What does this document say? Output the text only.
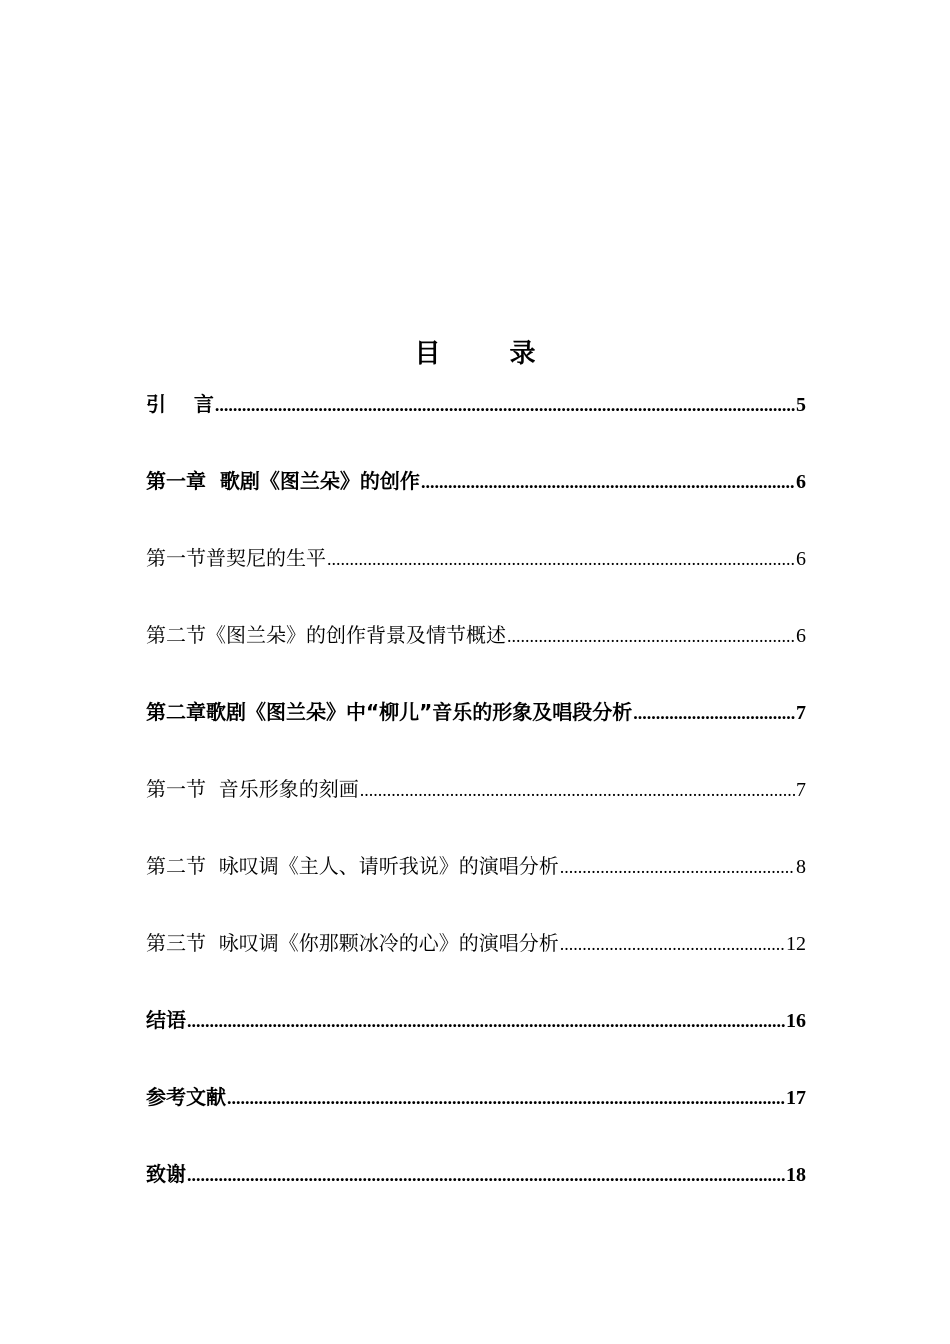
目 录
引    言 .....	5
第一章  歌剧《图兰朵》的创作 .....	6
第一节普契尼的生平 .....	6
第二节《图兰朵》的创作背景及情节概述 .....	6
第二章歌剧《图兰朵》中“柳儿”音乐的形象及唱段分析 .....	7
第一节  音乐形象的刻画 .....	7
第二节  咏叹调《主人、请听我说》的演唱分析 .....	8
第三节  咏叹调《你那颗冰冷的心》的演唱分析 .....	12
结语 .....	16
参考文献 .....	17
致谢 .....	18
